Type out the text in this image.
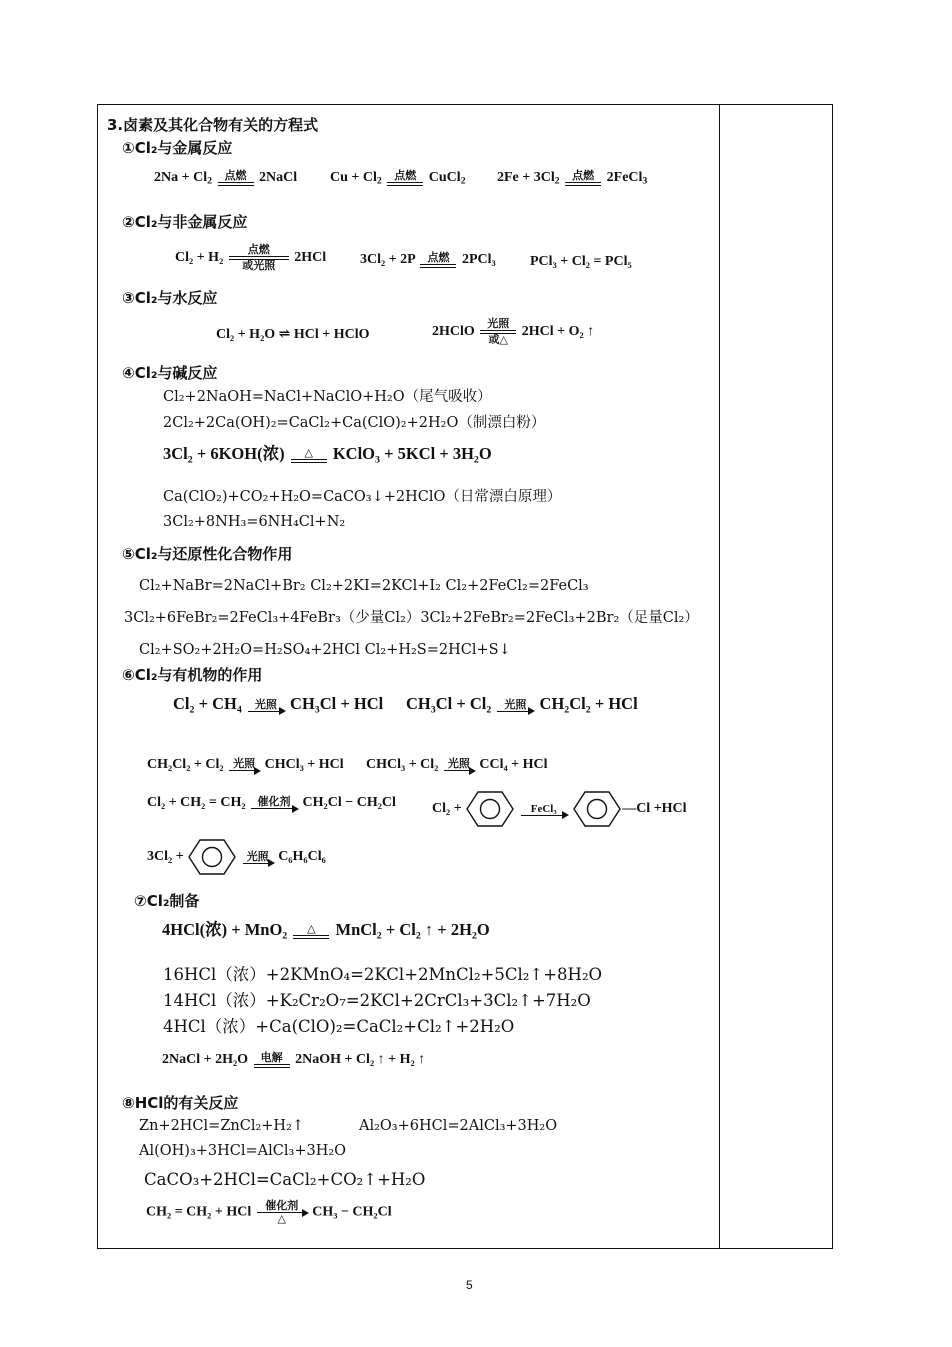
3.卤素及其化合物有关的方程式
①Cl₂与金属反应
$2Na + Cl_2$	点燃 2NaCl $Cu + Cl_2$	点燃 CuCl$_2$ $2Fe + 3Cl_2$	点燃 2FeCl$_3$
②Cl₂与非金属反应
Cl₂ + H₂
点燃
或光照
2HCl 3Cl₂ + 2P	点燃 2PCl₃ PCl₃ + Cl₂ = PCl₅
③Cl₂与水反应
Cl₂ + H₂O ⇌ HCl + HClO	2HClO
光照
或△
2HCl + O₂ ↑
④Cl₂与碱反应
Cl₂+2NaOH=NaCl+NaClO+H₂O（尾气吸收）
2Cl₂+2Ca(OH)₂=CaCl₂+Ca(ClO)₂+2H₂O（制漂白粉）
3Cl₂ + 6KOH(浓)	△	KClO₃ + 5KCl + 3H₂O
Ca(ClO₂)+CO₂+H₂O=CaCO₃↓+2HClO（日常漂白原理）
3Cl₂+8NH₃=6NH₄Cl+N₂
⑤Cl₂与还原性化合物作用
Cl₂+NaBr=2NaCl+Br₂ Cl₂+2KI=2KCl+I₂ Cl₂+2FeCl₂=2FeCl₃
3Cl₂+6FeBr₂=2FeCl₃+4FeBr₃（少量Cl₂）3Cl₂+2FeBr₂=2FeCl₃+2Br₂（足量Cl₂）
Cl₂+SO₂+2H₂O=H₂SO₄+2HCl Cl₂+H₂S=2HCl+S↓
⑥Cl₂与有机物的作用
Cl₂ + CH₄	光照 CH₃Cl + HCl CH₃Cl + Cl₂	光照 CH₂Cl₂ + HCl
CH₂Cl₂ + Cl₂ 光照 CHCl₃ + HCl CHCl₃ + Cl₂ 光照 CCl₄ + HCl
Cl₂ + CH₂ = CH₂	催化剂 CH₂Cl − CH₂Cl	Cl₂ +	FeCl₃	—Cl +HCl
3Cl₂ +	光照 C₆H₆Cl₆
⑦Cl₂制备
4HCl(浓) + MnO₂	△	MnCl₂ + Cl₂ ↑ + 2H₂O
16HCl（浓）+2KMnO₄=2KCl+2MnCl₂+5Cl₂↑+8H₂O
14HCl（浓）+K₂Cr₂O₇=2KCl+2CrCl₃+3Cl₂↑+7H₂O
4HCl（浓）+Ca(ClO)₂=CaCl₂+Cl₂↑+2H₂O
2NaCl + 2H₂O	电解 2NaOH + Cl₂ ↑ + H₂ ↑
⑧HCl的有关反应
Zn+2HCl=ZnCl₂+H₂↑	Al₂O₃+6HCl=2AlCl₃+3H₂O
Al(OH)₃+3HCl=AlCl₃+3H₂O
CaCO₃+2HCl=CaCl₂+CO₂↑+H₂O
CH₂ = CH₂ + HCl	催化剂
△	CH₃ − CH₂Cl
5
